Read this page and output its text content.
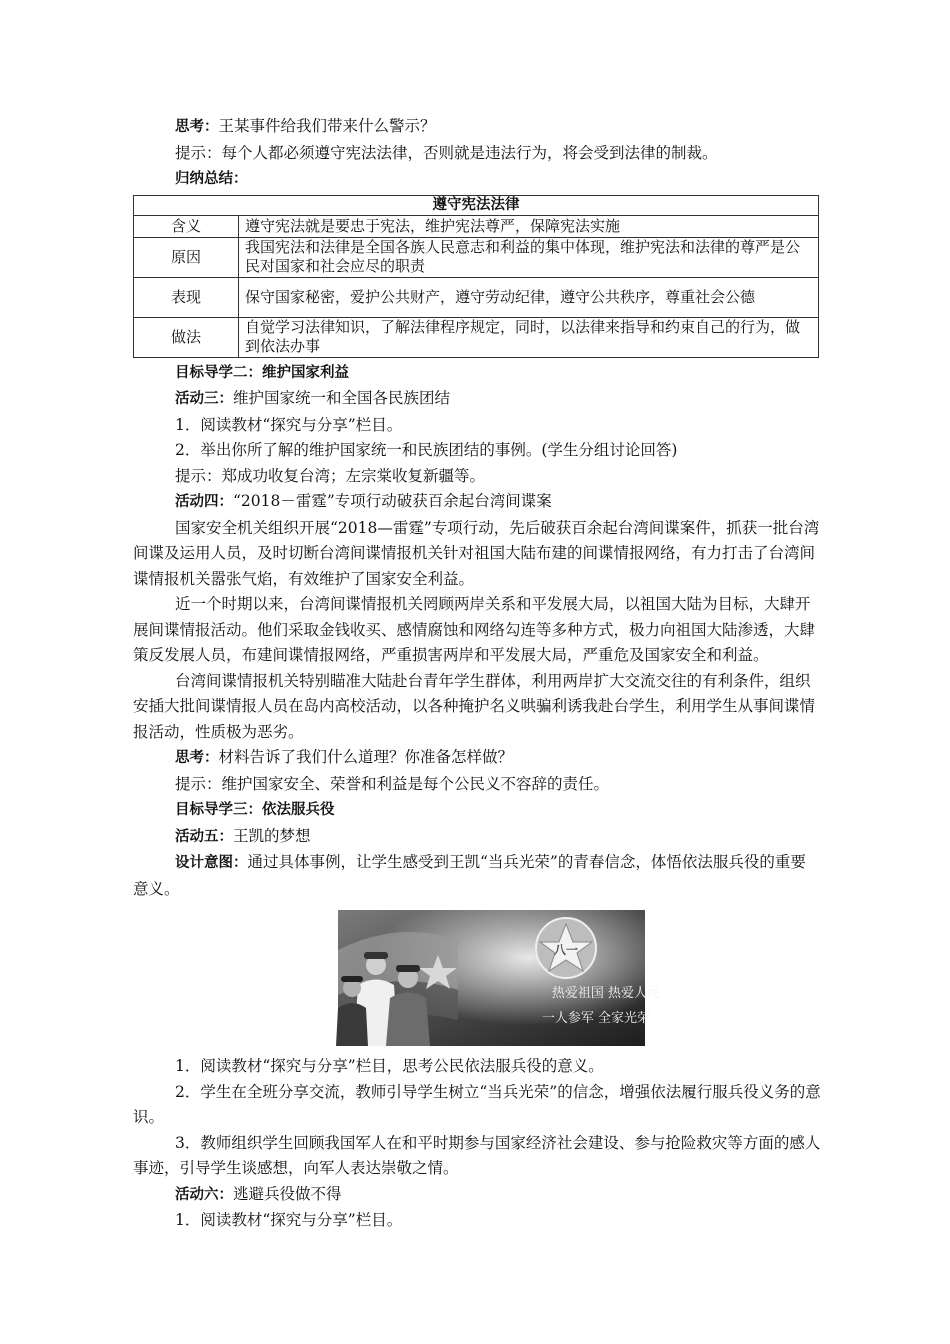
思考：王某事件给我们带来什么警示？

提示：每个人都必须遵守宪法法律，否则就是违法行为，将会受到法律的制裁。

归纳总结：

遵守宪法法律	
含义	遵守宪法就是要忠于宪法，维护宪法尊严，保障宪法实施
原因	我国宪法和法律是全国各族人民意志和利益的集中体现，维护宪法和法律的尊严是公民对国家和社会应尽的职责
表现	保守国家秘密，爱护公共财产，遵守劳动纪律，遵守公共秩序，尊重社会公德
做法	自觉学习法律知识，了解法律程序规定，同时，以法律来指导和约束自己的行为，做到依法办事

目标导学二：维护国家利益

活动三：维护国家统一和全国各民族团结

1．阅读教材“探究与分享”栏目。

2．举出你所了解的维护国家统一和民族团结的事例。(学生分组讨论回答)

提示：郑成功收复台湾；左宗棠收复新疆等。

活动四：“2018－雷霆”专项行动破获百余起台湾间谍案

国家安全机关组织开展“2018—雷霆”专项行动，先后破获百余起台湾间谍案件，抓获一批台湾间谍及运用人员，及时切断台湾间谍情报机关针对祖国大陆布建的间谍情报网络，有力打击了台湾间谍情报机关嚣张气焰，有效维护了国家安全利益。

近一个时期以来，台湾间谍情报机关罔顾两岸关系和平发展大局，以祖国大陆为目标，大肆开展间谍情报活动。他们采取金钱收买、感情腐蚀和网络勾连等多种方式，极力向祖国大陆渗透，大肆策反发展人员，布建间谍情报网络，严重损害两岸和平发展大局，严重危及国家安全和利益。

台湾间谍情报机关特别瞄准大陆赴台青年学生群体，利用两岸扩大交流交往的有利条件，组织安插大批间谍情报人员在岛内高校活动，以各种掩护名义哄骗利诱我赴台学生，利用学生从事间谍情报活动，性质极为恶劣。

思考：材料告诉了我们什么道理？你准备怎样做？

提示：维护国家安全、荣誉和利益是每个公民义不容辞的责任。

目标导学三：依法服兵役

活动五：王凯的梦想

设计意图：通过具体事例，让学生感受到王凯“当兵光荣”的青春信念，体悟依法服兵役的重要意义。

八一
热爱祖国 热爱人民
一人参军 全家光荣

1．阅读教材“探究与分享”栏目，思考公民依法服兵役的意义。

2．学生在全班分享交流，教师引导学生树立“当兵光荣”的信念，增强依法履行服兵役义务的意识。

3．教师组织学生回顾我国军人在和平时期参与国家经济社会建设、参与抢险救灾等方面的感人事迹，引导学生谈感想，向军人表达崇敬之情。

活动六：逃避兵役做不得

1．阅读教材“探究与分享”栏目。
